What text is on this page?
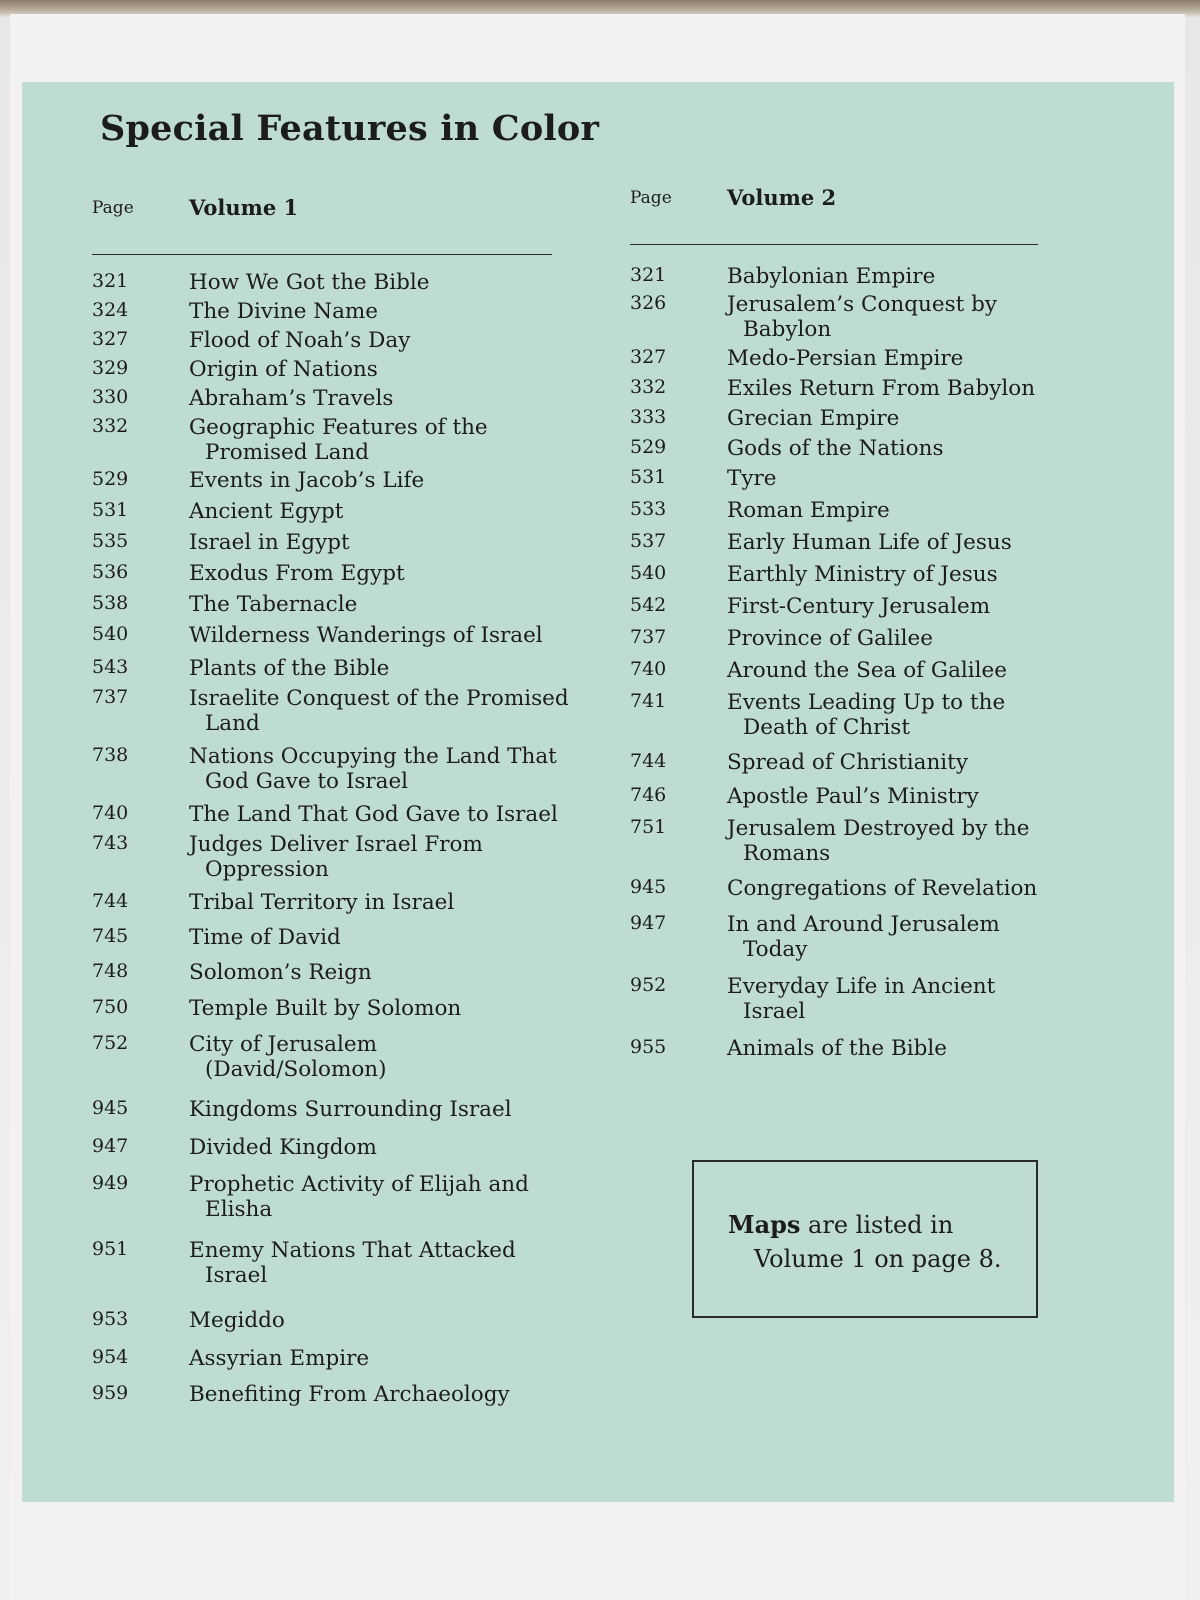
Special Features in Color
Page	Volume 1
321	How We Got the Bible
324	The Divine Name
327	Flood of Noah’s Day
329	Origin of Nations
330	Abraham’s Travels
332	Geographic Features of the
Promised Land
529	Events in Jacob’s Life
531	Ancient Egypt
535	Israel in Egypt
536	Exodus From Egypt
538	The Tabernacle
540	Wilderness Wanderings of Israel
543	Plants of the Bible
737	Israelite Conquest of the Promised
Land
738	Nations Occupying the Land That
God Gave to Israel
740	The Land That God Gave to Israel
743	Judges Deliver Israel From
Oppression
744	Tribal Territory in Israel
745	Time of David
748	Solomon’s Reign
750	Temple Built by Solomon
752	City of Jerusalem
(David/Solomon)
945	Kingdoms Surrounding Israel
947	Divided Kingdom
949	Prophetic Activity of Elijah and
Elisha
951	Enemy Nations That Attacked
Israel
953	Megiddo
954	Assyrian Empire
959	Benefiting From Archaeology
Page	Volume 2
321	Babylonian Empire
326	Jerusalem’s Conquest by
Babylon
327	Medo-Persian Empire
332	Exiles Return From Babylon
333	Grecian Empire
529	Gods of the Nations
531	Tyre
533	Roman Empire
537	Early Human Life of Jesus
540	Earthly Ministry of Jesus
542	First-Century Jerusalem
737	Province of Galilee
740	Around the Sea of Galilee
741	Events Leading Up to the
Death of Christ
744	Spread of Christianity
746	Apostle Paul’s Ministry
751	Jerusalem Destroyed by the
Romans
945	Congregations of Revelation
947	In and Around Jerusalem
Today
952	Everyday Life in Ancient
Israel
955	Animals of the Bible
Maps are listed in
Volume 1 on page 8.
